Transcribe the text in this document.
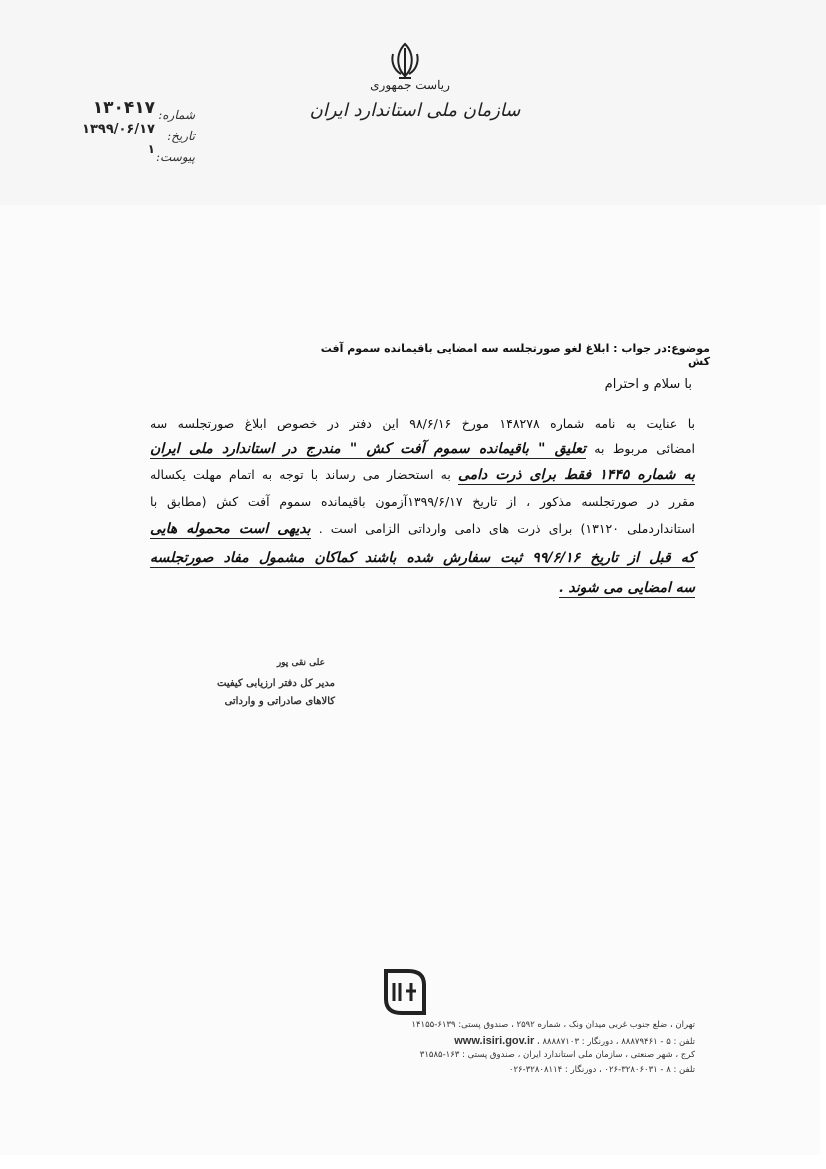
ریاست جمهوری
سازمان ملی استاندارد ایران
شماره:
۱۳۰۴۱۷
تاریخ:
۱۳۹۹/۰۶/۱۷
پیوست:
۱
موضوع:در جواب : ابلاغ لغو صورتجلسه سه امضایی باقیمانده سموم آفت کش
با سلام و احترام
با عنایت به نامه شماره ۱۴۸۲۷۸ مورخ ۹۸/۶/۱۶ این دفتر در خصوص ابلاغ صورتجلسه سه
امضائی مربوط به تعلیق " باقیمانده سموم آفت کش " مندرج در استاندارد ملی ایران
به شماره ۱۴۴۵ فقط برای ذرت دامی به استحضار می رساند با توجه به اتمام مهلت یکساله
مقرر در صورتجلسه مذکور ، از تاریخ ۱۳۹۹/۶/۱۷آزمون باقیمانده سموم آفت کش (مطابق با
استانداردملی ۱۳۱۲۰) برای ذرت های دامی وارداتی الزامی است . بدیهی است محموله هایی
که قبل از تاریخ ۹۹/۶/۱۶ ثبت سفارش شده باشند کماکان مشمول مفاد صورتجلسه
سه امضایی می شوند .
علی نقی پور
مدیر کل دفتر ارزیابی کیفیت
کالاهای صادراتی و وارداتی
تهران ، ضلع جنوب غربی میدان ونک ، شماره ۲۵۹۲ ، صندوق پستی: ۶۱۳۹-۱۴۱۵۵
تلفن : ۵ - ۸۸۸۷۹۴۶۱ ، دورنگار : ۸۸۸۸۷۱۰۳ ، www.isiri.gov.ir
کرج ، شهر صنعتی ، سازمان ملی استاندارد ایران ، صندوق پستی : ۱۶۳-۳۱۵۸۵
تلفن : ۸ - ۳۲۸۰۶۰۳۱-۰۲۶ ، دورنگار : ۳۲۸۰۸۱۱۴-۰۲۶
